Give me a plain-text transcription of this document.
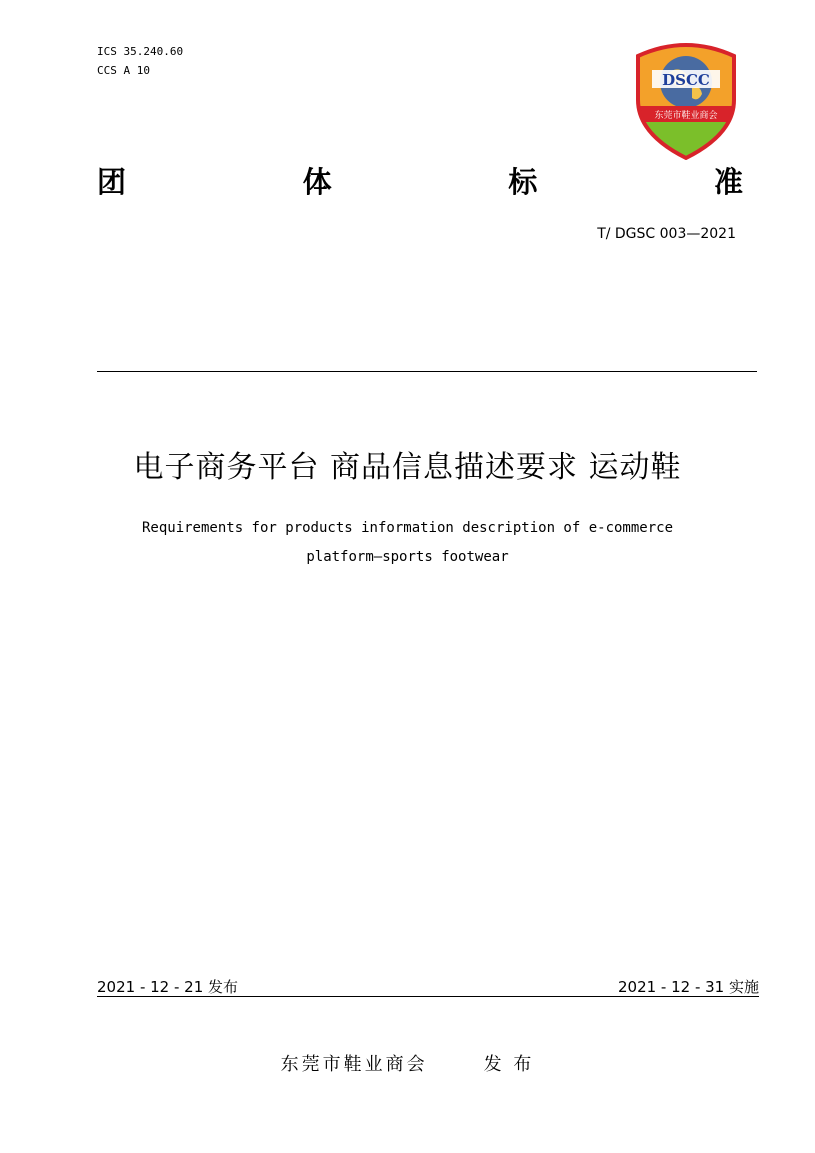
ICS 35.240.60
CCS A 10
DSCC
东莞市鞋业商会
团	体	标	准
T/ DGSC 003—2021
电子商务平台 商品信息描述要求 运动鞋
Requirements for products information description of e-commerce
platform—sports footwear
2021 - 12 - 21 发布	2021 - 12 - 31 实施
东莞市鞋业商会	发 布
